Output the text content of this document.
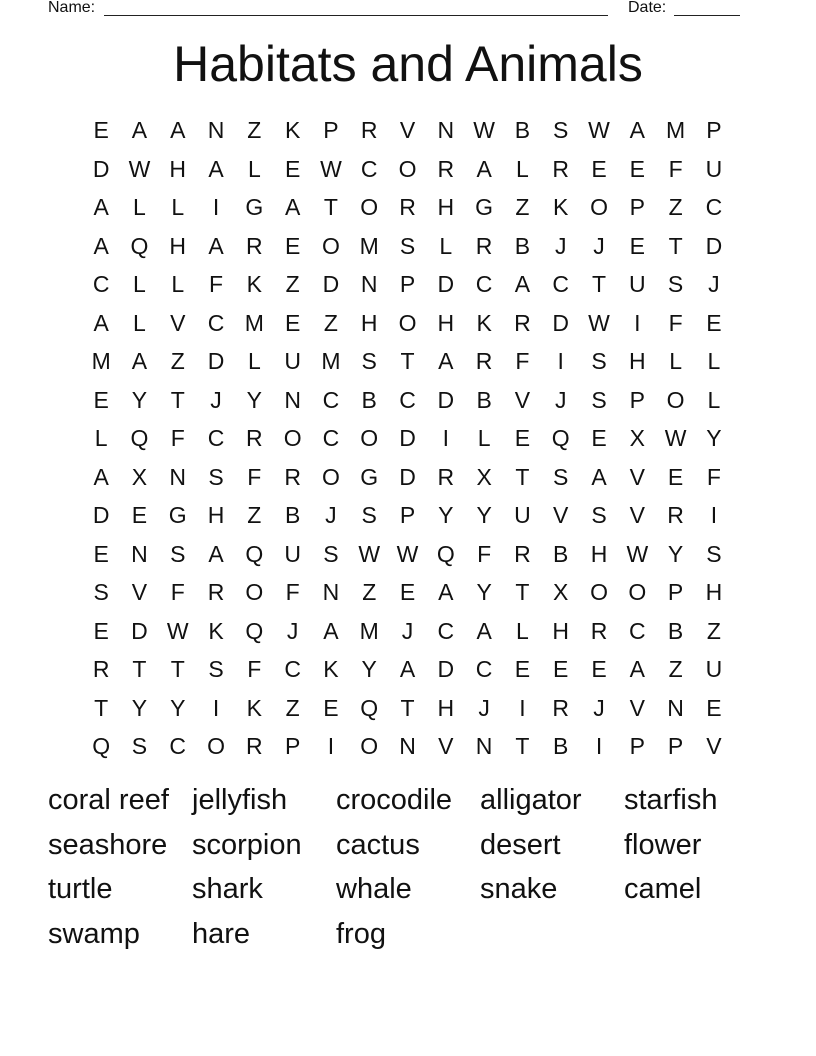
Name:	Date:
Habitats and Animals
E A A N Z	K P R V N W B S W A M P
D W H A	L	E W C O R A	L	R E E	F U
A	L	L	I	G A	T O R H G Z	K O P	Z C
A Q H A R E O M S	L	R B	J	J	E	T D
C	L	L	F	K	Z D N P D C A C T U S	J
A	L	V C M E	Z H O H K R D W	I	F	E
M A	Z D	L	U M S	T	A R F	I	S H	L	L
E Y	T	J	Y N C B C D B V	J	S P O L
L Q F C R O C O D	I	L	E Q E X W Y
A X N S	F R O G D R X	T	S A V E	F
D E G H Z	B	J	S P Y Y U V S V R	I
E N S A Q U S W W Q F R B H W Y S
S V	F R O F N Z	E A Y	T	X O O P H
E D W K Q	J	A M J	C A	L	H R C B	Z
R T	T	S	F C K Y A D C E E E A	Z U
T	Y Y	I	K	Z	E Q T H	J	I	R	J	V N E
Q S C O R P	I	O N V N T	B	I	P P V
coral reef jellyfish	crocodile alligator	starfish
seashore scorpion	cactus	desert	flower
turtle	shark	whale	snake	camel
swamp	hare	frog
